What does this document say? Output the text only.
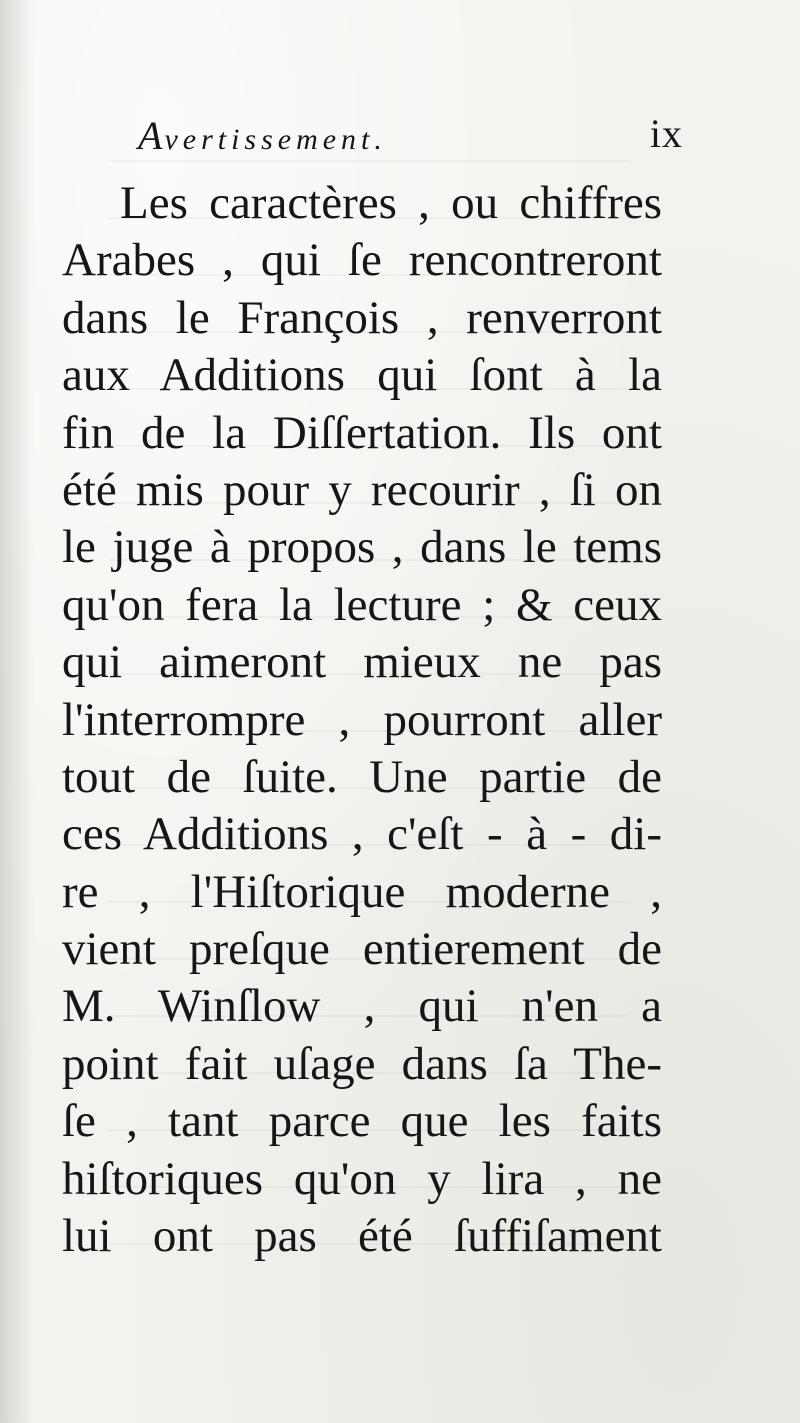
Avertissement.	ix
Les caractères , ou chiffres
Arabes , qui ſe rencontreront
dans le François , renverront
aux Additions qui ſont à la
fin de la Diſſertation. Ils ont
été mis pour y recourir , ſi on
le juge à propos , dans le tems
qu'on fera la lecture ; & ceux
qui aimeront mieux ne pas
l'interrompre , pourront aller
tout de ſuite. Une partie de
ces Additions , c'eſt - à - di-
re , l'Hiſtorique moderne ,
vient preſque entierement de
M. Winſlow , qui n'en a
point fait uſage dans ſa The-
ſe , tant parce que les faits
hiſtoriques qu'on y lira , ne
lui ont pas été ſuffiſament
